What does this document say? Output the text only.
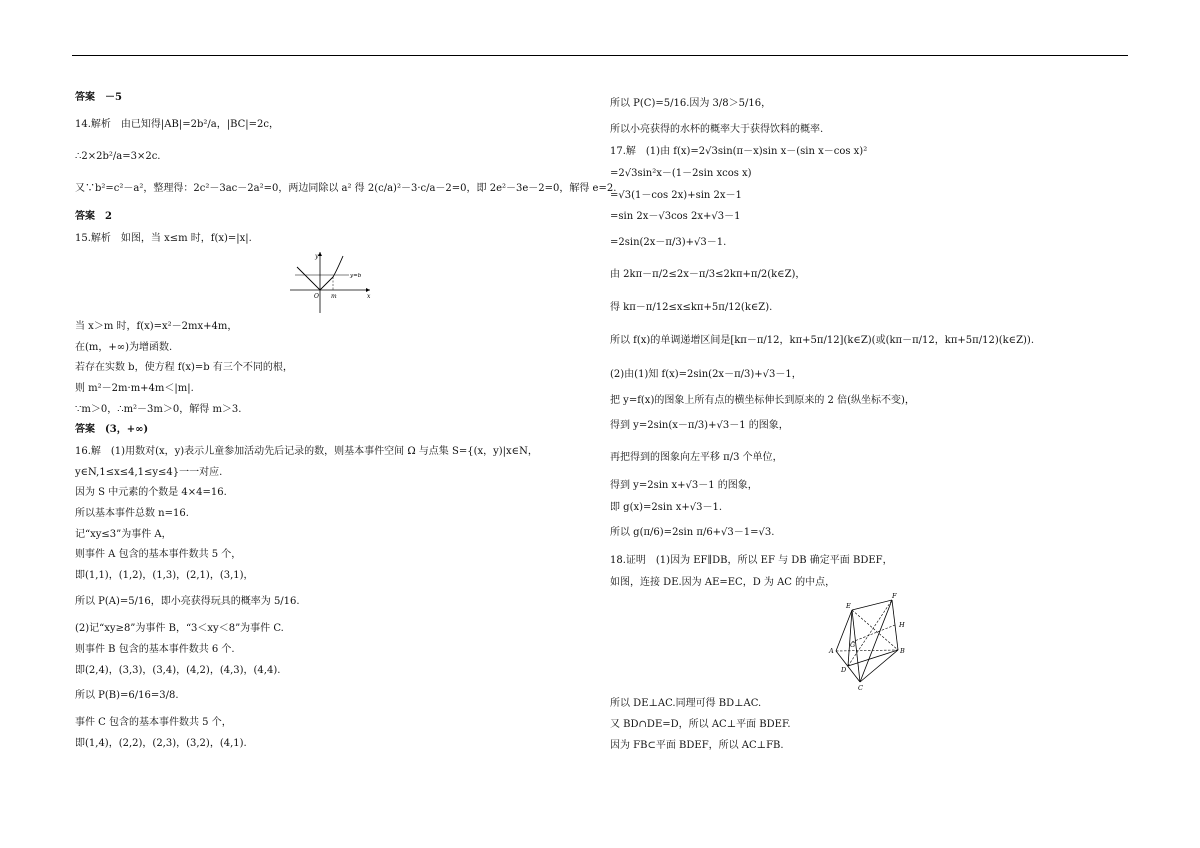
答案　－5
14.解析　由已知得|AB|=2b²/a，|BC|=2c，
∴2×2b²/a=3×2c.
又∵b²=c²－a²，整理得：2c²－3ac－2a²=0，两边同除以 a² 得 2(c/a)²－3·c/a－2=0，即 2e²－3e－2=0，解得 e=2.
答案　2
15.解析　如图，当 x≤m 时，f(x)=|x|.
当 x＞m 时，f(x)=x²－2mx+4m，
在(m，+∞)为增函数.
若存在实数 b，使方程 f(x)=b 有三个不同的根，
则 m²－2m·m+4m＜|m|.
∵m＞0，∴m²－3m＞0，解得 m＞3.
答案　(3，+∞)
16.解　(1)用数对(x，y)表示儿童参加活动先后记录的数，则基本事件空间 Ω 与点集 S={(x，y)|x∈N，
y∈N,1≤x≤4,1≤y≤4}一一对应.
因为 S 中元素的个数是 4×4=16.
所以基本事件总数 n=16.
记“xy≤3”为事件 A，
则事件 A 包含的基本事件数共 5 个，
即(1,1)，(1,2)，(1,3)，(2,1)，(3,1)，
所以 P(A)=5/16，即小亮获得玩具的概率为 5/16.
(2)记“xy≥8”为事件 B，“3＜xy＜8”为事件 C.
则事件 B 包含的基本事件数共 6 个.
即(2,4)，(3,3)，(3,4)，(4,2)，(4,3)，(4,4).
所以 P(B)=6/16=3/8.
事件 C 包含的基本事件数共 5 个，
即(1,4)，(2,2)，(2,3)，(3,2)，(4,1).
y
x
O m
y=b
所以 P(C)=5/16.因为 3/8＞5/16，
所以小亮获得的水杯的概率大于获得饮料的概率.
17.解　(1)由 f(x)=2√3sin(π－x)sin x－(sin x－cos x)²
=2√3sin²x－(1－2sin xcos x)
=√3(1－cos 2x)+sin 2x－1
=sin 2x－√3cos 2x+√3－1
=2sin(2x－π/3)+√3－1.
由 2kπ－π/2≤2x－π/3≤2kπ+π/2(k∈Z)，
得 kπ－π/12≤x≤kπ+5π/12(k∈Z).
所以 f(x)的单调递增区间是[kπ－π/12，kπ+5π/12](k∈Z)(或(kπ－π/12，kπ+5π/12)(k∈Z)).
(2)由(1)知 f(x)=2sin(2x－π/3)+√3－1，
把 y=f(x)的图象上所有点的横坐标伸长到原来的 2 倍(纵坐标不变)，
得到 y=2sin(x－π/3)+√3－1 的图象，
再把得到的图象向左平移 π/3 个单位，
得到 y=2sin x+√3－1 的图象，
即 g(x)=2sin x+√3－1.
所以 g(π/6)=2sin π/6+√3－1=√3.
18.证明　(1)因为 EF∥DB，所以 EF 与 DB 确定平面 BDEF，
如图，连接 DE.因为 AE=EC，D 为 AC 的中点，
所以 DE⊥AC.同理可得 BD⊥AC.
又 BD∩DE=D，所以 AC⊥平面 BDEF.
因为 FB⊂平面 BDEF，所以 AC⊥FB.
E
F
H
A
G
B
D
C
